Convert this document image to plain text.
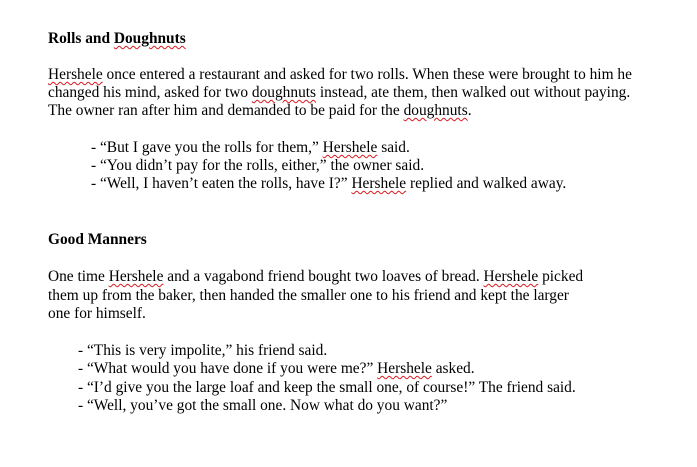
Rolls and Doughnuts
Hershele once entered a restaurant and asked for two rolls. When these were brought to him he
changed his mind, asked for two doughnuts instead, ate them, then walked out without paying.
The owner ran after him and demanded to be paid for the doughnuts.
- “But I gave you the rolls for them,” Hershele said.
- “You didn’t pay for the rolls, either,” the owner said.
- “Well, I haven’t eaten the rolls, have I?” Hershele replied and walked away.
Good Manners
One time Hershele and a vagabond friend bought two loaves of bread. Hershele picked
them up from the baker, then handed the smaller one to his friend and kept the larger
one for himself.
- “This is very impolite,” his friend said.
- “What would you have done if you were me?” Hershele asked.
- “I’d give you the large loaf and keep the small one, of course!” The friend said.
- “Well, you’ve got the small one. Now what do you want?”
